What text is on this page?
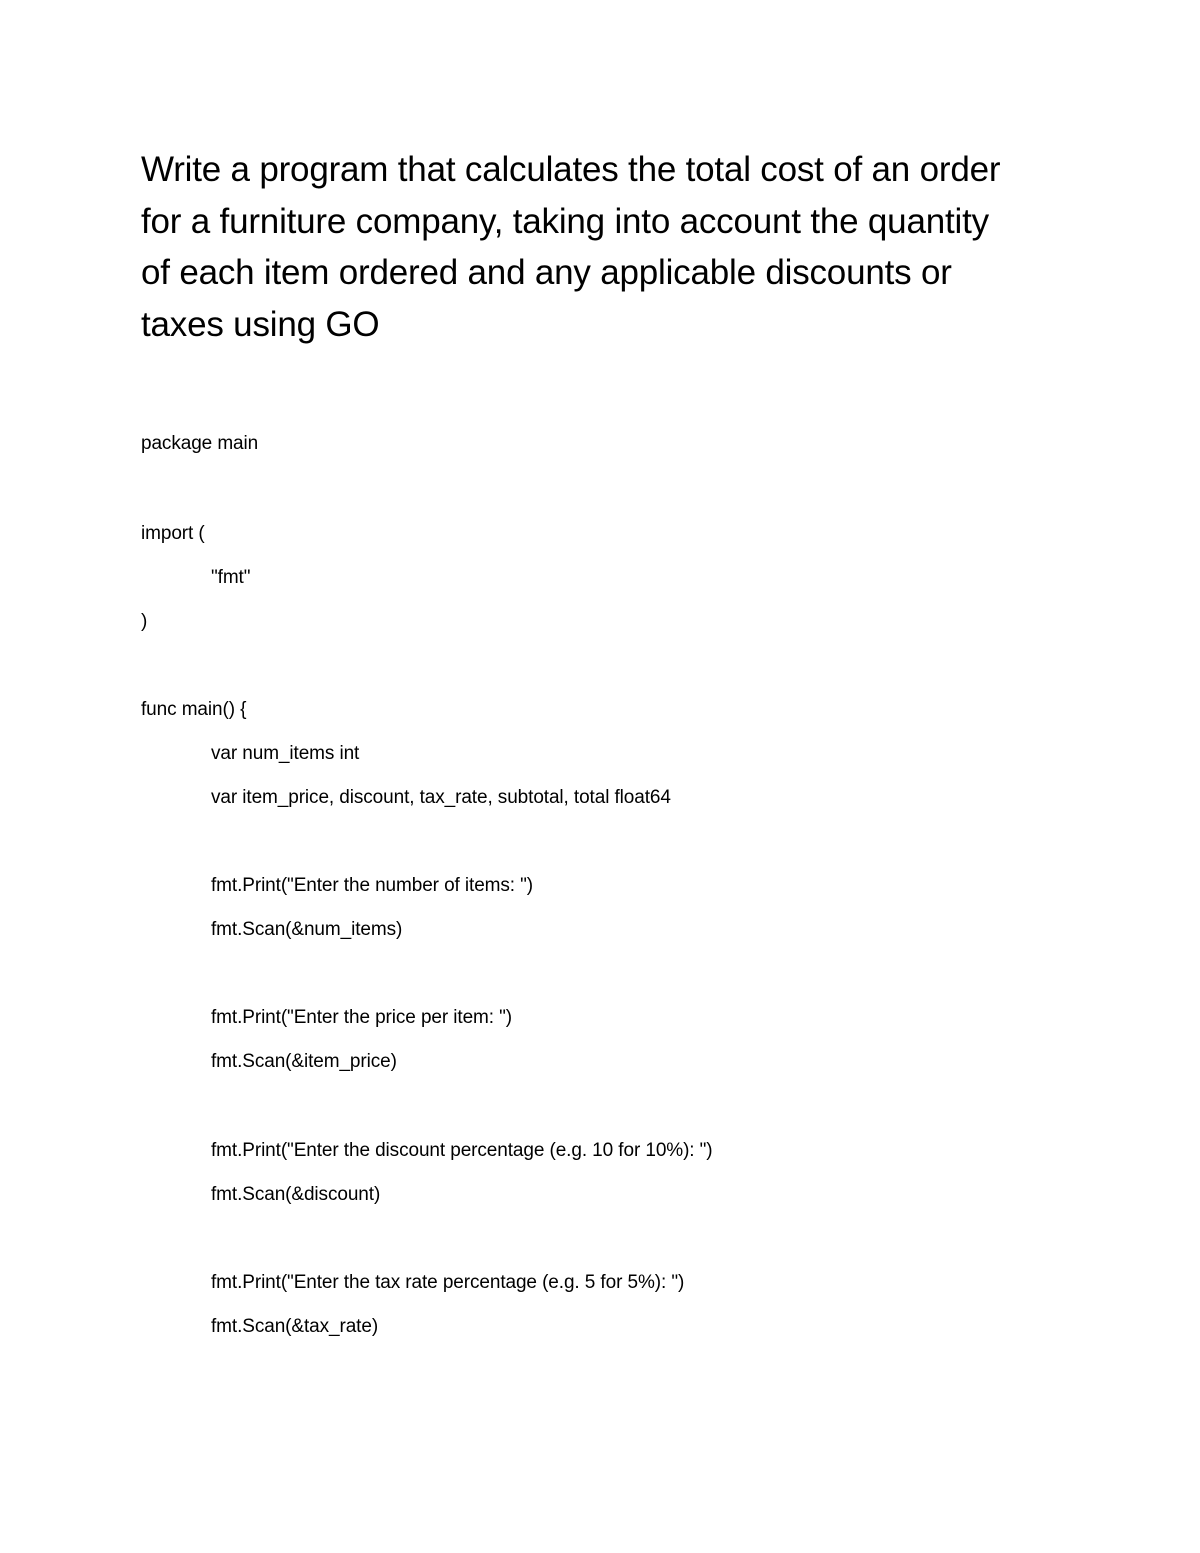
Write a program that calculates the total cost of an order
for a furniture company, taking into account the quantity
of each item ordered and any applicable discounts or
taxes using GO
package main
import (
"fmt"
)
func main() {
var num_items int
var item_price, discount, tax_rate, subtotal, total float64
fmt.Print("Enter the number of items: ")
fmt.Scan(&num_items)
fmt.Print("Enter the price per item: ")
fmt.Scan(&item_price)
fmt.Print("Enter the discount percentage (e.g. 10 for 10%): ")
fmt.Scan(&discount)
fmt.Print("Enter the tax rate percentage (e.g. 5 for 5%): ")
fmt.Scan(&tax_rate)
